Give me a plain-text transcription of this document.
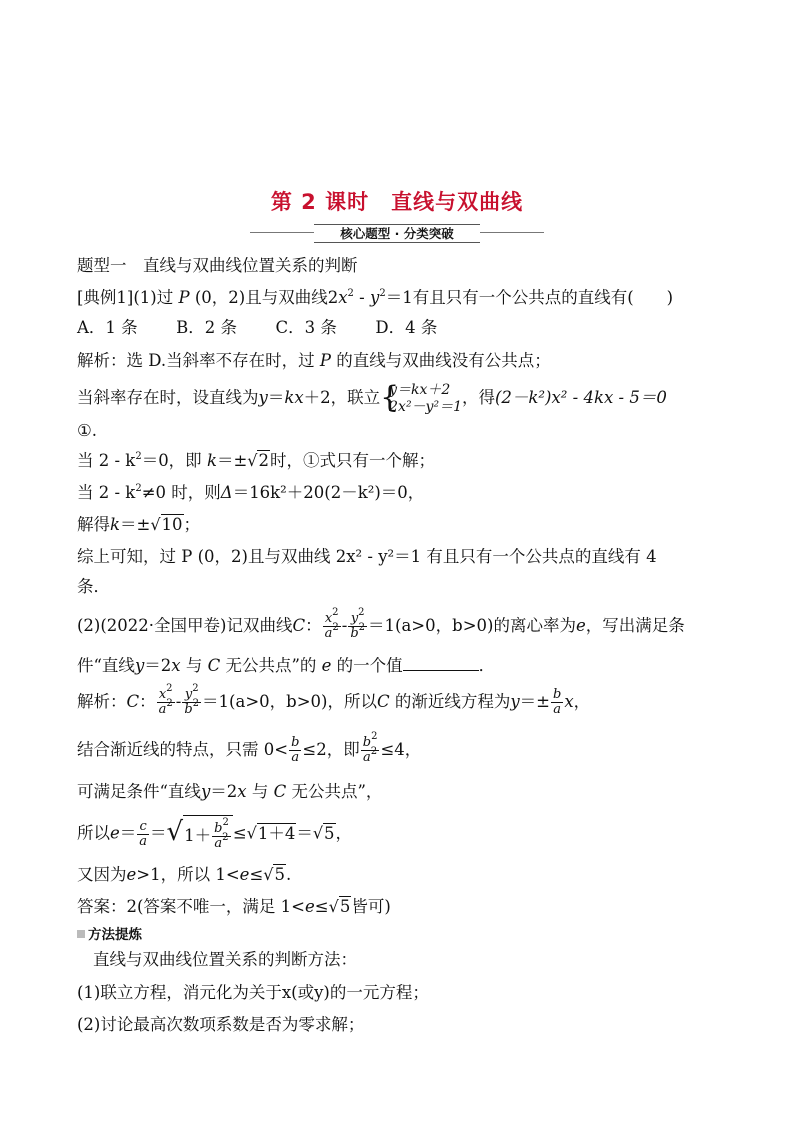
第 2 课时　直线与双曲线
核心题型 · 分类突破
题型一　直线与双曲线位置关系的判断
[典例1](1)过 P (0，2)且与双曲线$2x^2 - y^2=1$有且只有一个公共点的直线有(　　)
A．1 条 B．2 条 C．3 条 D．4 条
解析：选 D.当斜率不存在时，过 P 的直线与双曲线没有公共点；
当斜率存在时，设直线为y＝kx＋2，联立
{ y＝kx＋2
2x²－y²＝1 ，得(2－k²)x² - 4kx - 5＝0
①.
当 $2 - k^2=0$，即 k＝±√2时，①式只有一个解；
当 $2 - k^2\ne 0$ 时，则Δ＝16k²＋20(2－k²)＝0，
解得k＝±√10；
综上可知，过 P (0，2)且与双曲线 2x² - y²＝1 有且只有一个公共点的直线有 4
条．
(2)(2022·全国甲卷)记双曲线C： $\frac{x^2}{a^2} - \frac{y^2}{b^2} =1(a>0$，b>0)的离心率为e，写出满足条
件“直线y＝2x 与 C 无公共点”的 e 的一个值	．
解析：C： $\frac{x^2}{a^2} - \frac{y^2}{b^2} =1(a>0$，b>0)，所以C 的渐近线方程为$y=\pm \frac{b}{a}$ x，
结合渐近线的特点，只需 $0< \frac{b}{a} \le 2$，即 $\frac{b^2}{a^2} \le 4$，
可满足条件“直线y＝2x 与 C 无公共点”，
所以$e= \frac{c}{a} =√1+ \frac{b^2}{a^2} \le√1+4=√5$，
又因为e>1，所以 1<e≤√5.
答案：2(答案不唯一，满足 1<e≤√5皆可)
方法提炼
直线与双曲线位置关系的判断方法：
(1)联立方程，消元化为关于x(或y)的一元方程；
(2)讨论最高次数项系数是否为零求解；
